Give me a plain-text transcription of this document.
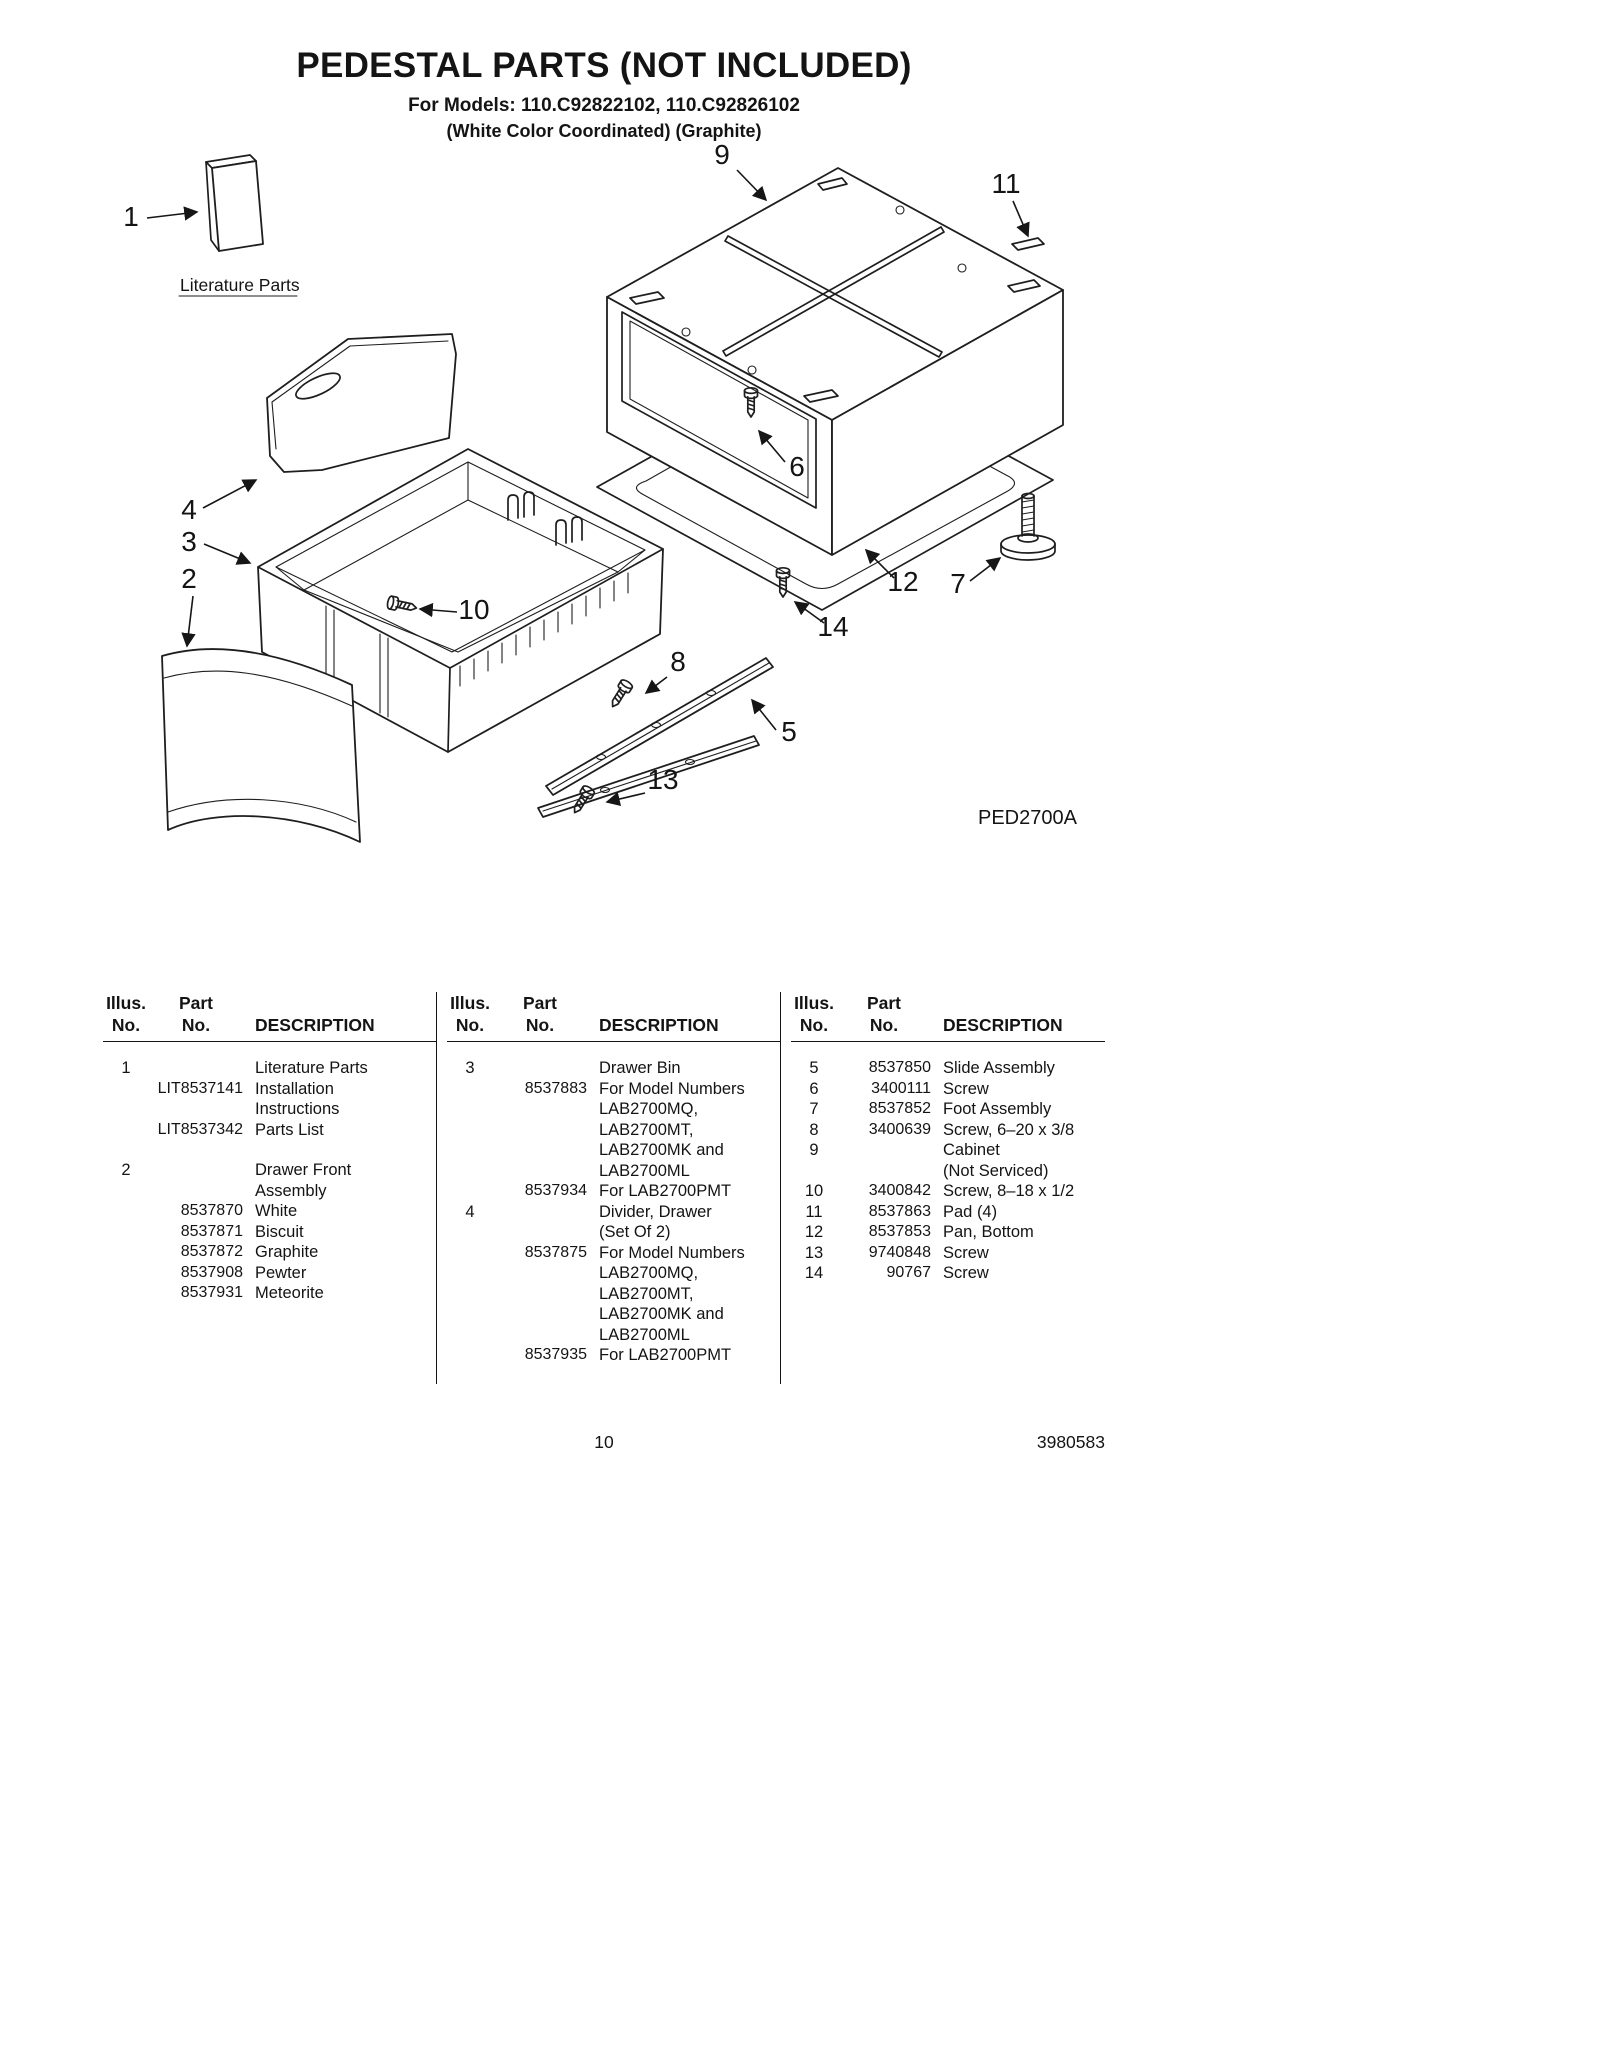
PEDESTAL PARTS (NOT INCLUDED)
For Models: 110.C92822102, 110.C92826102
(White Color Coordinated) (Graphite)
Literature Parts
1
2
3
4
5
6
7
8
9
10
11
12
13
14
PED2700A
Illus.
No.
Part
No.	DESCRIPTION
1	Literature Parts
LIT8537141 Installation
Instructions
LIT8537342 Parts List
2	Drawer Front
Assembly
8537870 White
8537871 Biscuit
8537872 Graphite
8537908 Pewter
8537931 Meteorite
Illus.
No.
Part
No.	DESCRIPTION
3	Drawer Bin
8537883 For Model Numbers
LAB2700MQ,
LAB2700MT,
LAB2700MK and
LAB2700ML
8537934 For LAB2700PMT
4	Divider, Drawer
(Set Of 2)
8537875 For Model Numbers
LAB2700MQ,
LAB2700MT,
LAB2700MK and
LAB2700ML
8537935 For LAB2700PMT
Illus.
No.
Part
No.	DESCRIPTION
5	8537850 Slide Assembly
6	3400111 Screw
7	8537852 Foot Assembly
8	3400639 Screw, 6–20 x 3/8
9	Cabinet
(Not Serviced)
10	3400842 Screw, 8–18 x 1/2
11	8537863 Pad (4)
12	8537853 Pan, Bottom
13	9740848 Screw
14	90767 Screw
10	3980583
